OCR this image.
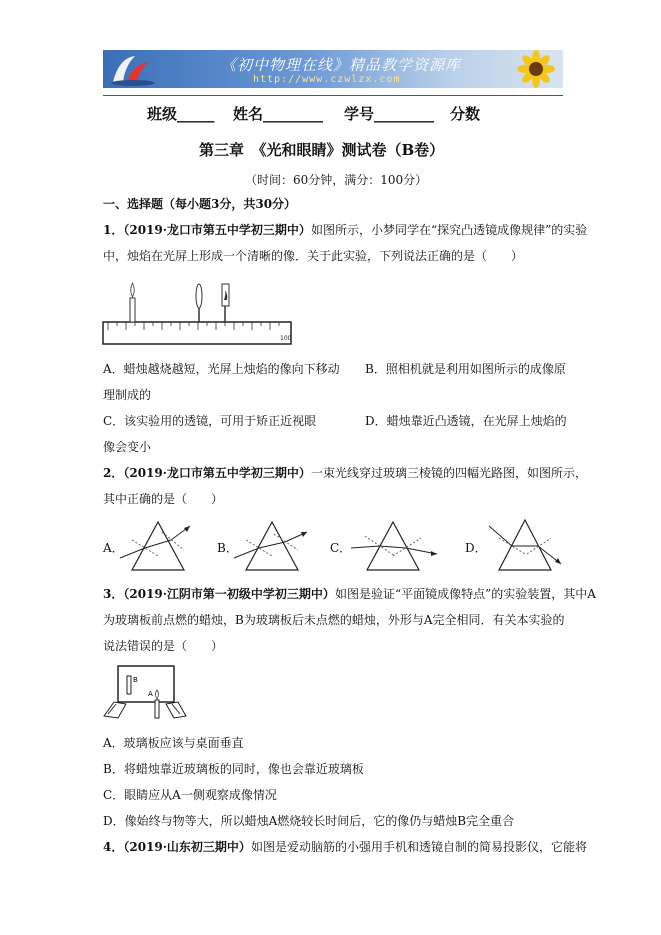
《初中物理在线》精品教学资源库
http://www.czwlzx.com
班级_____ 姓名________ 学号________ 分数
第三章　《光和眼睛》测试卷（B卷）
（时间：60分钟，满分：100分）
一、选择题（每小题3分，共30分）
1．（2019·龙口市第五中学初三期中）如图所示，小梦同学在“探究凸透镜成像规律”的实验
中，烛焰在光屏上形成一个清晰的像．关于此实验，下列说法正确的是（　　）
100
A．蜡烛越烧越短，光屏上烛焰的像向下移动 B．照相机就是利用如图所示的成像原
理制成的
C．该实验用的透镜，可用于矫正近视眼	D．蜡烛靠近凸透镜，在光屏上烛焰的
像会变小
2．（2019·龙口市第五中学初三期中）一束光线穿过玻璃三棱镜的四幅光路图，如图所示，
其中正确的是（　　）
A．	B．	C．	D．
3．（2019·江阴市第一初级中学初三期中）如图是验证“平面镜成像特点”的实验装置，其中A
为玻璃板前点燃的蜡烛，B为玻璃板后未点燃的蜡烛，外形与A完全相同．有关本实验的
说法错误的是（　　）
B
A
A．玻璃板应该与桌面垂直
B．将蜡烛靠近玻璃板的同时，像也会靠近玻璃板
C．眼睛应从A一侧观察成像情况
D．像始终与物等大，所以蜡烛A燃烧较长时间后，它的像仍与蜡烛B完全重合
4．（2019·山东初三期中）如图是爱动脑筋的小强用手机和透镜自制的简易投影仪，它能将
